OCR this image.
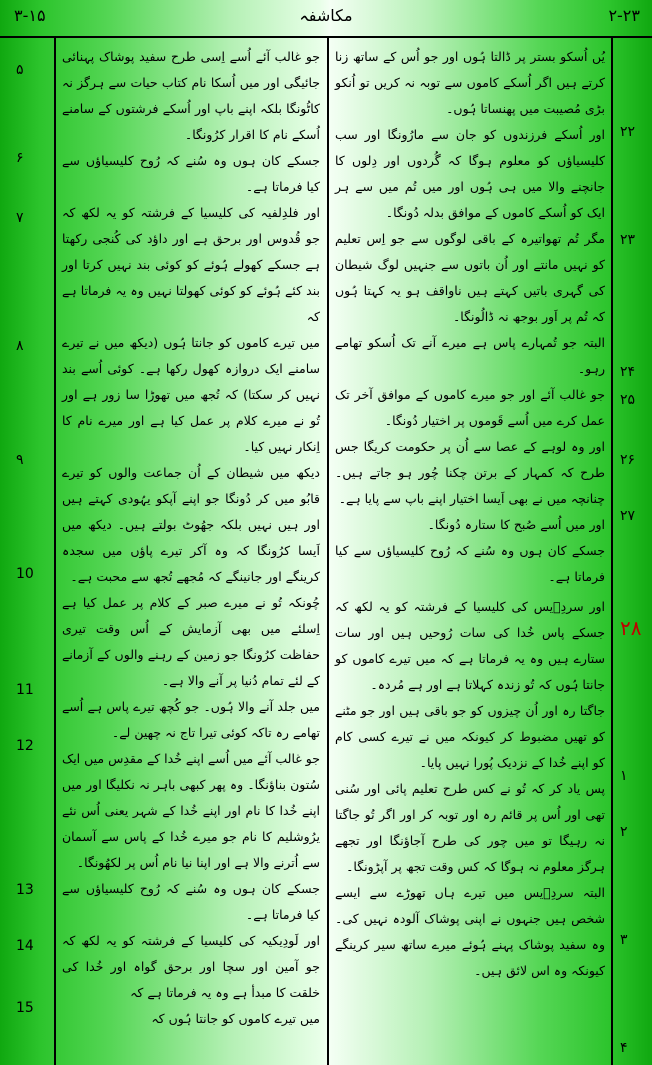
۳-۱۵	مکاشفہ	۲-۲۳

یُں اُسکو بستر پر ڈالتا ہُوں اور جو اُس کے ساتھ زنا کرتے ہیں اگر اُسکے کاموں سے توبہ نہ کریں تو اُنکو بڑی مُصیبت میں پھنساتا ہُوں۔

اور اُسکے فرزندوں کو جان سے مارُونگا اور سب کلیسیاؤں کو معلوم ہوگا کہ گُردوں اور دِلوں کا جانچنے والا میں ہی ہُوں اور میں تُم میں سے ہر ایک کو اُسکے کاموں کے موافق بدلہ دُونگا۔

مگر تُم تھواتیرہ کے باقی لوگوں سے جو اِس تعلیم کو نہیں مانتے اور اُن باتوں سے جنہیں لوگ شیطان کی گہری باتیں کہتے ہیں ناواقف ہو یہ کہتا ہُوں کہ تُم پر اَور بوجھ نہ ڈالُونگا۔

البتہ جو تُمہارے پاس ہے میرے آنے تک اُسکو تھامے رہو۔

جو غالب آئے اور جو میرے کاموں کے موافق آخر تک عمل کرے میں اُسے قَوموں پر اختیار دُونگا۔

اور وہ لوہے کے عصا سے اُن پر حکومت کریگا جس طرح کہ کمہار کے برتن چکنا چُور ہو جاتے ہیں۔ چنانچہ میں نے بھی اَیسا اختیار اپنے باپ سے پایا ہے۔

اور میں اُسے صُبح کا ستارہ دُونگا۔

جسکے کان ہوں وہ سُنے کہ رُوح کلیسیاؤں سے کیا فرماتا ہے۔

اور سردِؔیس کی کلیسیا کے فرشتہ کو یہ لکھ کہ جسکے پاس خُدا کی سات رُوحیں ہیں اور سات ستارے ہیں وہ یہ فرماتا ہے کہ میں تیرے کاموں کو جانتا ہُوں کہ تُو زندہ کہلاتا ہے اور ہے مُردہ۔

جاگتا رہ اور اُن چیزوں کو جو باقی ہیں اور جو مٹنے کو تھیں مضبوط کر کیونکہ میں نے تیرے کسی کام کو اپنے خُدا کے نزدیک پُورا نہیں پایا۔

پس یاد کر کہ تُو نے کس طرح تعلیم پائی اور سُنی تھی اور اُس پر قائم رہ اور توبہ کر اور اگر تُو جاگتا نہ رہیگا تو میں چور کی طرح آجاؤنگا اور تجھے ہرگز معلوم نہ ہوگا کہ کس وقت تجھ پر آپڑونگا۔

البتہ سردِؔیس میں تیرے ہاں تھوڑے سے ایسے شخص ہیں جنہوں نے اپنی پوشاک آلودہ نہیں کی۔ وہ سفید پوشاک پہنے ہُوئے میرے ساتھ سیر کرینگے کیونکہ وہ اس لائق ہیں۔

جو غالب آئے اُسے اِسی طرح سفید پوشاک پہنائی جائیگی اور میں اُسکا نام کتاب حیات سے ہرگز نہ کاٹُونگا بلکہ اپنے باپ اور اُسکے فرشتوں کے سامنے اُسکے نام کا اقرار کرُونگا۔

جسکے کان ہوں وہ سُنے کہ رُوح کلیسیاؤں سے کیا فرماتا ہے۔

اور فلدِلفیہ کی کلیسیا کے فرشتہ کو یہ لکھ کہ جو قُدوس اور برحق ہے اور داؤد کی کُنجی رکھتا ہے جسکے کھولے ہُوئے کو کوئی بند نہیں کرتا اور بند کئے ہُوئے کو کوئی کھولتا نہیں وہ یہ فرماتا ہے کہ

میں تیرے کاموں کو جانتا ہُوں (دیکھ میں نے تیرے سامنے ایک دروازہ کھول رکھا ہے۔ کوئی اُسے بند نہیں کر سکتا) کہ تُجھ میں تھوڑا سا زور ہے اور تُو نے میرے کلام پر عمل کیا ہے اور میرے نام کا اِنکار نہیں کیا۔

دیکھ میں شیطان کے اُن جماعت والوں کو تیرے قابُو میں کر دُونگا جو اپنے آپکو یہُودی کہتے ہیں اور ہیں نہیں بلکہ جھُوٹ بولتے ہیں۔ دیکھ میں اَیسا کرُونگا کہ وہ آکر تیرے پاؤں میں سجدہ کرینگے اور جانینگے کہ مُجھے تُجھ سے محبت ہے۔

چُونکہ تُو نے میرے صبر کے کلام پر عمل کیا ہے اِسلئے میں بھی آزمایش کے اُس وقت تیری حفاظت کرُونگا جو زمین کے رہنے والوں کے آزمانے کے لئے تمام دُنیا پر آنے والا ہے۔

میں جلد آنے والا ہُوں۔ جو کُچھ تیرے پاس ہے اُسے تھامے رہ تاکہ کوئی تیرا تاج نہ چھین لے۔

جو غالب آئے میں اُسے اپنے خُدا کے مقدِس میں ایک سُتون بناؤنگا۔ وہ پھر کبھی باہر نہ نکلیگا اور میں اپنے خُدا کا نام اور اپنے خُدا کے شہر یعنی اُس نئے یرُوشلیم کا نام جو میرے خُدا کے پاس سے آسمان سے اُترنے والا ہے اور اپنا نیا نام اُس پر لکھُونگا۔

جسکے کان ہوں وہ سُنے کہ رُوح کلیسیاؤں سے کیا فرماتا ہے۔

اور لَودِیکیہ کی کلیسیا کے فرشتہ کو یہ لکھ کہ جو آمین اور سچا اور برحق گواہ اور خُدا کی خلقت کا مبدأ ہے وہ یہ فرماتا ہے کہ

میں تیرے کاموں کو جانتا ہُوں کہ

۵
۶
۷
۸
۹
10
11
12
13
14
15
۲۲
۲۳
۲۴
۲۵
۲۶
۲۷
۲۸
۱
۲
۳
۴
